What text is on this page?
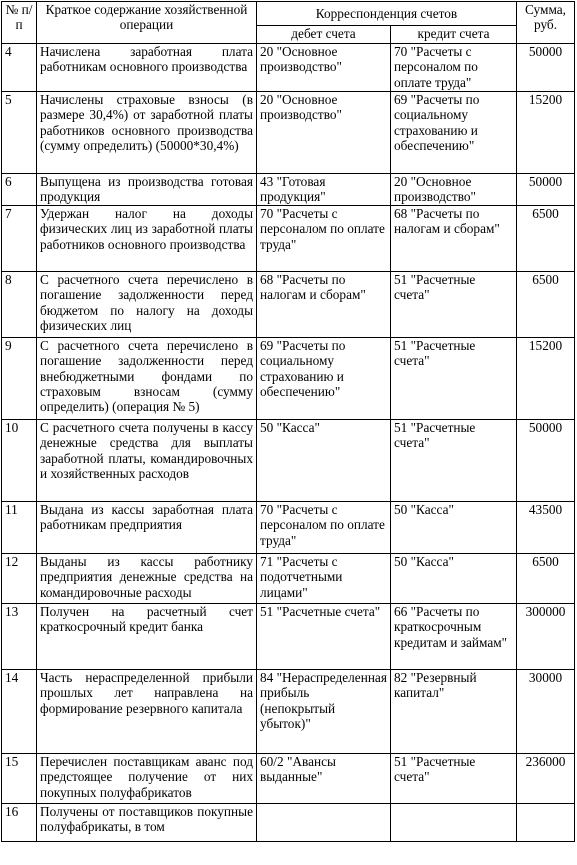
№ п/п	Краткое содержание хозяйственной операции	Корреспонденция счетов		Сумма, руб.
		дебет счета	кредит счета	
4	Начислена заработная плата работникам основного производства	20 "Основное производство"	70 "Расчеты с персоналом по оплате труда"	50000
5	Начислены страховые взносы (в размере 30,4%) от заработной платы работников основного производства (сумму определить) (50000*30,4%)	20 "Основное производство"	69 "Расчеты по социальному страхованию и обеспечению"	15200
6	Выпущена из производства готовая продукция	43 "Готовая продукция"	20 "Основное производство"	50000
7	Удержан налог на доходы физических лиц из заработной платы работников основного производства	70 "Расчеты с персоналом по оплате труда"	68 "Расчеты по налогам и сборам"	6500
8	С расчетного счета перечислено в погашение задолженности перед бюджетом по налогу на доходы физических лиц	68 "Расчеты по налогам и сборам"	51 "Расчетные счета"	6500
9	С расчетного счета перечислено в погашение задолженности перед внебюджетными фондами по страховым взносам (сумму определить) (операция № 5)	69 "Расчеты по социальному страхованию и обеспечению"	51 "Расчетные счета"	15200
10	С расчетного счета получены в кассу денежные средства для выплаты заработной платы, командировочных и хозяйственных расходов	50 "Касса"	51 "Расчетные счета"	50000
11	Выдана из кассы заработная плата работникам предприятия	70 "Расчеты с персоналом по оплате труда"	50 "Касса"	43500
12	Выданы из кассы работнику предприятия денежные средства на командировочные расходы	71 "Расчеты с подотчетными лицами"	50 "Касса"	6500
13	Получен на расчетный счет краткосрочный кредит банка	51 "Расчетные счета"	66 "Расчеты по краткосрочным кредитам и займам"	300000
14	Часть нераспределенной прибыли прошлых лет направлена на формирование резервного капитала	84 "Нераспределенная прибыль (непокрытый убыток)"	82 "Резервный капитал"	30000
15	Перечислен поставщикам аванс под предстоящее получение от них покупных полуфабрикатов	60/2 "Авансы выданные"	51 "Расчетные счета"	236000
16	Получены от поставщиков покупные полуфабрикаты, в том			
